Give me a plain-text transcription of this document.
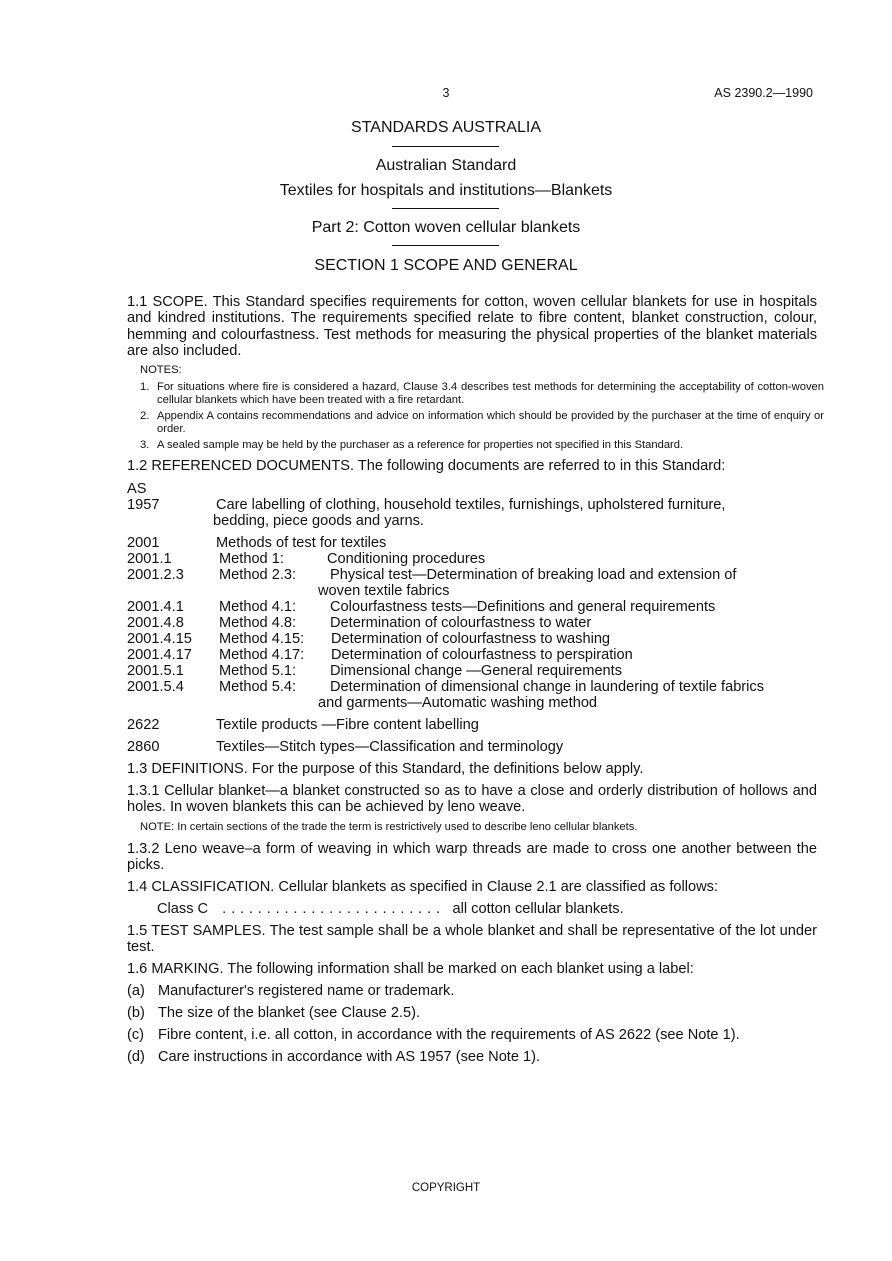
3	AS 2390.2—1990
STANDARDS AUSTRALIA
Australian Standard
Textiles for hospitals and institutions—Blankets
Part 2: Cotton woven cellular blankets
SECTION 1 SCOPE AND GENERAL
1.1 SCOPE. This Standard specifies requirements for cotton, woven cellular blankets for use in hospitals and kindred institutions. The requirements specified relate to fibre content, blanket construction, colour, hemming and colourfastness. Test methods for measuring the physical properties of the blanket materials are also included.
NOTES:
1. For situations where fire is considered a hazard, Clause 3.4 describes test methods for determining the acceptability of cotton-woven cellular blankets which have been treated with a fire retardant.
2. Appendix A contains recommendations and advice on information which should be provided by the purchaser at the time of enquiry or order.
3. A sealed sample may be held by the purchaser as a reference for properties not specified in this Standard.
1.2 REFERENCED DOCUMENTS. The following documents are referred to in this Standard:
AS
1957	Care labelling of clothing, household textiles, furnishings, upholstered furniture,
bedding, piece goods and yarns.
2001	Methods of test for textiles
2001.1	Method 1:	Conditioning procedures
2001.2.3 Method 2.3: Physical test—Determination of breaking load and extension of
woven textile fabrics
2001.4.1 Method 4.1: Colourfastness tests—Definitions and general requirements
2001.4.8 Method 4.8: Determination of colourfastness to water
2001.4.15 Method 4.15: Determination of colourfastness to washing
2001.4.17 Method 4.17: Determination of colourfastness to perspiration
2001.5.1 Method 5.1: Dimensional change —General requirements
2001.5.4 Method 5.4: Determination of dimensional change in laundering of textile fabrics
and garments—Automatic washing method
2622	Textile products —Fibre content labelling
2860	Textiles—Stitch types—Classification and terminology
1.3 DEFINITIONS. For the purpose of this Standard, the definitions below apply.
1.3.1 Cellular blanket—a blanket constructed so as to have a close and orderly distribution of hollows and holes. In woven blankets this can be achieved by leno weave.
NOTE: In certain sections of the trade the term is restrictively used to describe leno cellular blankets.
1.3.2 Leno weave–a form of weaving in which warp threads are made to cross one another between the picks.
1.4 CLASSIFICATION. Cellular blankets as specified in Clause 2.1 are classified as follows:
Class C . . . . . . . . . . . . . . . . . . . . . . . . . all cotton cellular blankets.
1.5 TEST SAMPLES. The test sample shall be a whole blanket and shall be representative of the lot under test.
1.6 MARKING. The following information shall be marked on each blanket using a label:
(a) Manufacturer's registered name or trademark.
(b) The size of the blanket (see Clause 2.5).
(c) Fibre content, i.e. all cotton, in accordance with the requirements of AS 2622 (see Note 1).
(d) Care instructions in accordance with AS 1957 (see Note 1).
COPYRIGHT
